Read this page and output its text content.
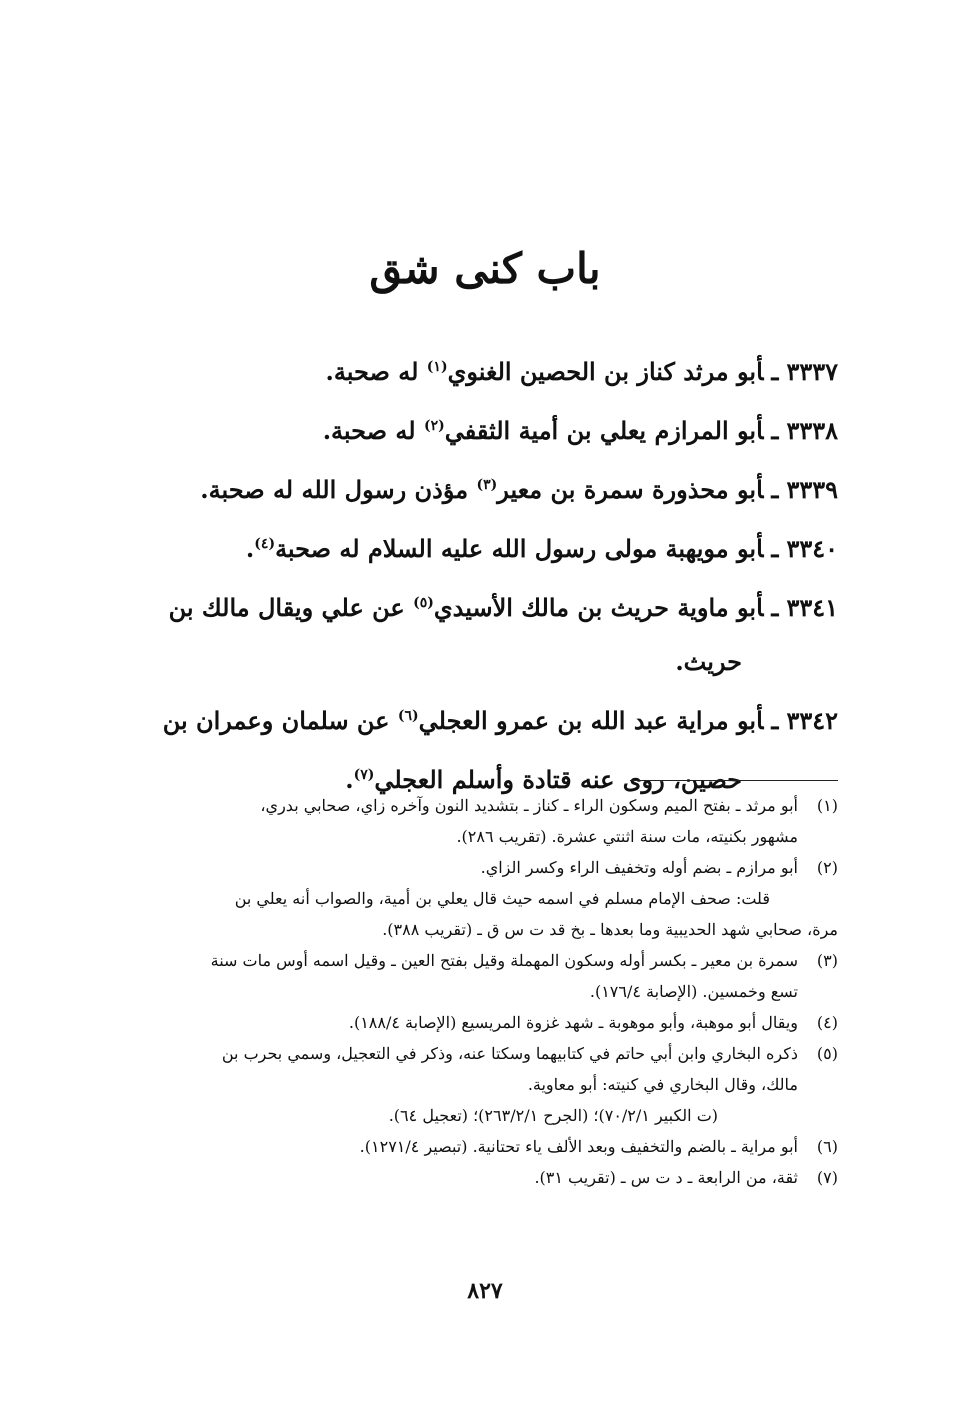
باب كنى شق
٣٣٣٧ـأبو مرثد كناز بن الحصين الغنوي$^{(١)}$ له صحبة.
٣٣٣٨ـأبو المرازم يعلي بن أمية الثقفي$^{(٢)}$ له صحبة.
٣٣٣٩ـأبو محذورة سمرة بن معير$^{(٣)}$ مؤذن رسول الله له صحبة.
٣٣٤٠ـأبو مويهبة مولى رسول الله عليه السلام له صحبة$^{(٤)}$.
٣٣٤١ـأبو ماوية حريث بن مالك الأسيدي$^{(٥)}$ عن علي ويقال مالك بن
حريث.
٣٣٤٢ـأبو مراية عبد الله بن عمرو العجلي$^{(٦)}$ عن سلمان وعمران بن
حصين، روى عنه قتادة وأسلم العجلي$^{(٧)}$.
(١)
أبو مرثد ـ بفتح الميم وسكون الراء ـ كناز ـ بتشديد النون وآخره زاي، صحابي بدري،
مشهور بكنيته، مات سنة اثنتي عشرة. (تقريب ٢٨٦).
(٢)
أبو مرازم ـ بضم أوله وتخفيف الراء وكسر الزاي.
قلت: صحف الإمام مسلم في اسمه حيث قال يعلي بن أمية، والصواب أنه يعلي بن
مرة، صحابي شهد الحديبية وما بعدها ـ بخ قد ت س ق ـ (تقريب ٣٨٨).
(٣)
سمرة بن معير ـ بكسر أوله وسكون المهملة وقيل بفتح العين ـ وقيل اسمه أوس مات سنة
تسع وخمسين. (الإصابة ١٧٦/٤).
(٤)
ويقال أبو موهبة، وأبو موهوبة ـ شهد غزوة المريسيع (الإصابة ١٨٨/٤).
(٥)
ذكره البخاري وابن أبي حاتم في كتابيهما وسكتا عنه، وذكر في التعجيل، وسمي بحرب بن
مالك، وقال البخاري في كنيته: أبو معاوية.
(ت الكبير ٧٠/٢/١)؛ (الجرح ٢٦٣/٢/١)؛ (تعجيل ٦٤).
(٦)
أبو مراية ـ بالضم والتخفيف وبعد الألف ياء تحتانية. (تبصير ١٢٧١/٤).
(٧)
ثقة، من الرابعة ـ د ت س ـ (تقريب ٣١).
٨٢٧
